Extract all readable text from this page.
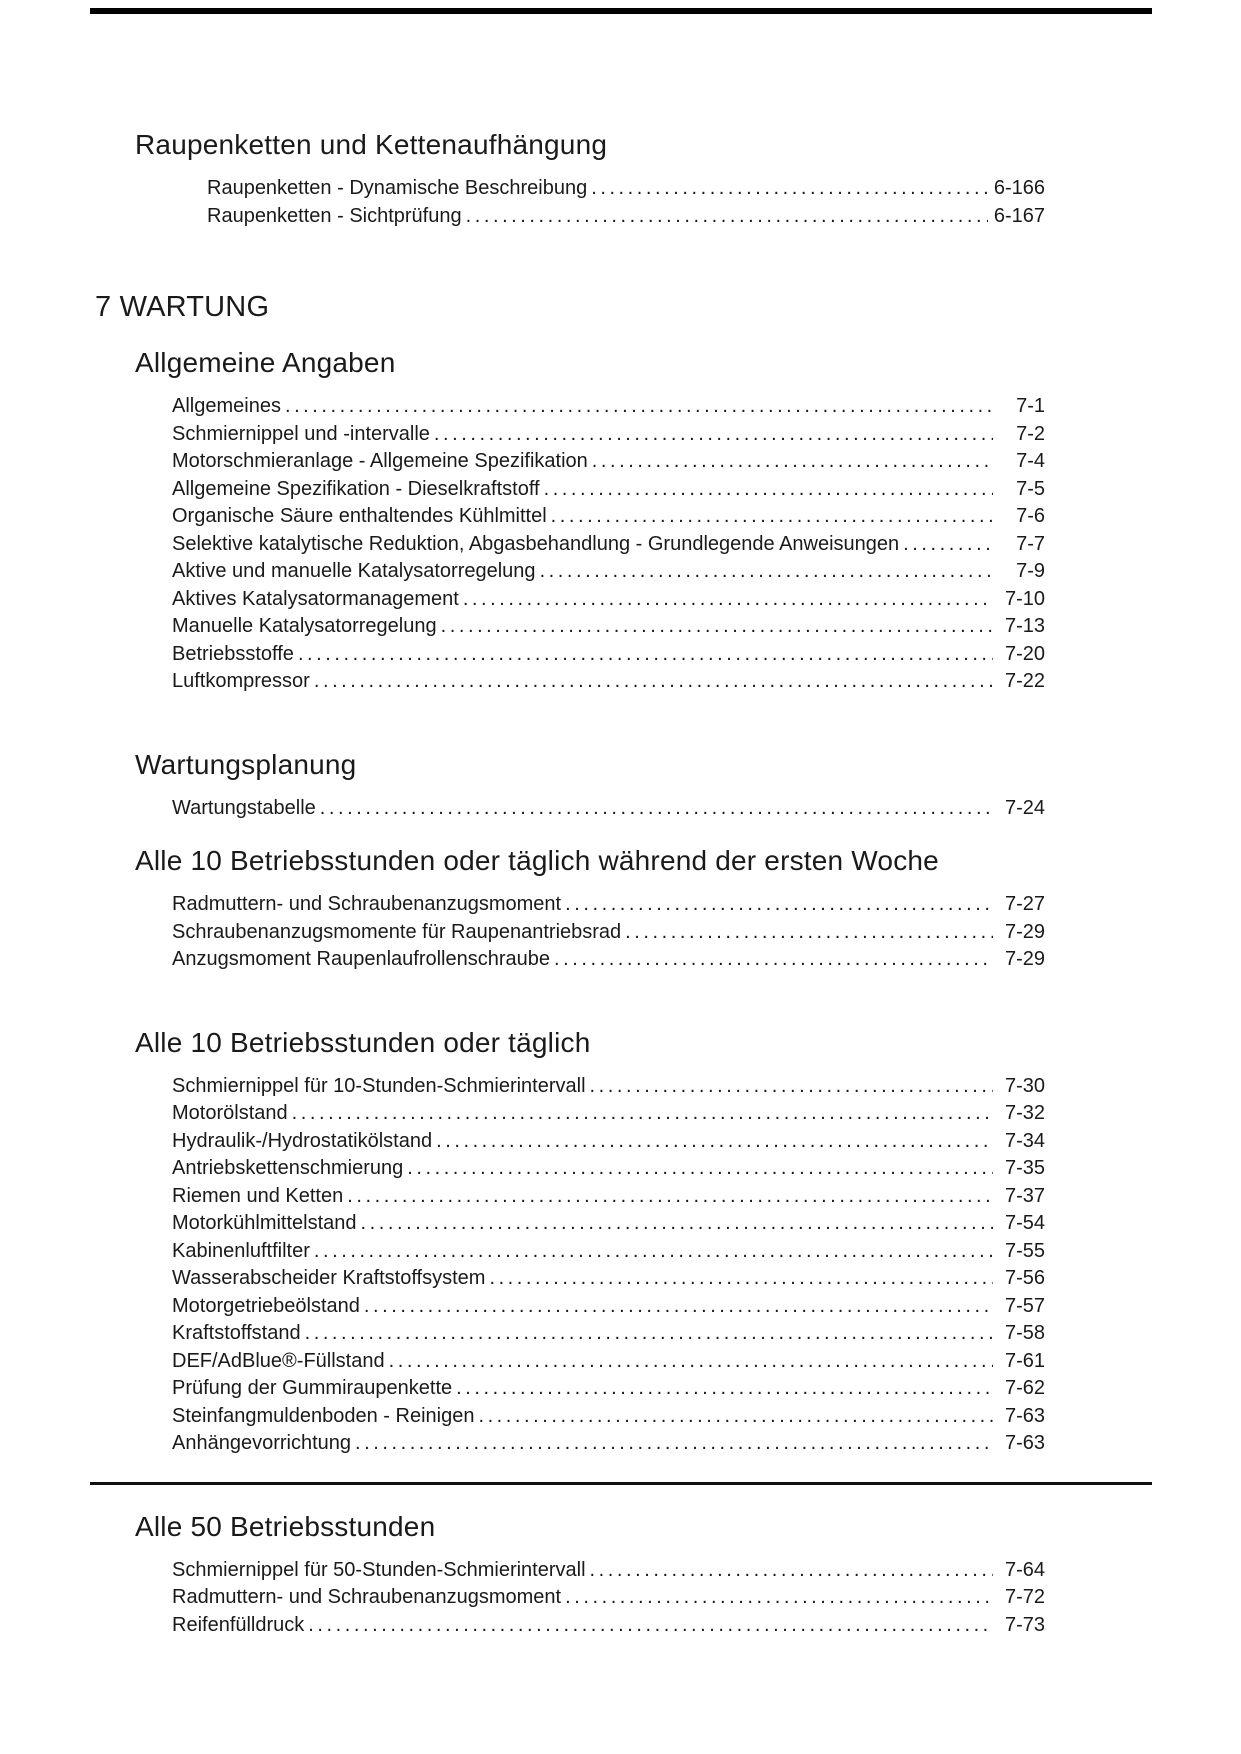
Raupenketten und Kettenaufhängung
Raupenketten - Dynamische Beschreibung . . .	6-166
Raupenketten - Sichtprüfung . . .	6-167
7 WARTUNG
Allgemeine Angaben
Allgemeines . . .	7-1
Schmiernippel und -intervalle . . .	7-2
Motorschmieranlage - Allgemeine Spezifikation . . .	7-4
Allgemeine Spezifikation - Dieselkraftstoff . . .	7-5
Organische Säure enthaltendes Kühlmittel . . .	7-6
Selektive katalytische Reduktion, Abgasbehandlung - Grundlegende Anweisungen . . .	7-7
Aktive und manuelle Katalysatorregelung . . .	7-9
Aktives Katalysatormanagement . . .	7-10
Manuelle Katalysatorregelung . . .	7-13
Betriebsstoffe . . .	7-20
Luftkompressor . . .	7-22
Wartungsplanung
Wartungstabelle . . .	7-24
Alle 10 Betriebsstunden oder täglich während der ersten Woche
Radmuttern- und Schraubenanzugsmoment . . .	7-27
Schraubenanzugsmomente für Raupenantriebsrad . . .	7-29
Anzugsmoment Raupenlaufrollenschraube . . .	7-29
Alle 10 Betriebsstunden oder täglich
Schmiernippel für 10-Stunden-Schmierintervall . . .	7-30
Motorölstand . . .	7-32
Hydraulik-/Hydrostatikölstand . . .	7-34
Antriebskettenschmierung . . .	7-35
Riemen und Ketten . . .	7-37
Motorkühlmittelstand . . .	7-54
Kabinenluftfilter . . .	7-55
Wasserabscheider Kraftstoffsystem . . .	7-56
Motorgetriebeölstand . . .	7-57
Kraftstoffstand . . .	7-58
DEF/AdBlue®-Füllstand . . .	7-61
Prüfung der Gummiraupenkette . . .	7-62
Steinfangmuldenboden - Reinigen . . .	7-63
Anhängevorrichtung . . .	7-63
Alle 50 Betriebsstunden
Schmiernippel für 50-Stunden-Schmierintervall . . .	7-64
Radmuttern- und Schraubenanzugsmoment . . .	7-72
Reifenfülldruck . . .	7-73
